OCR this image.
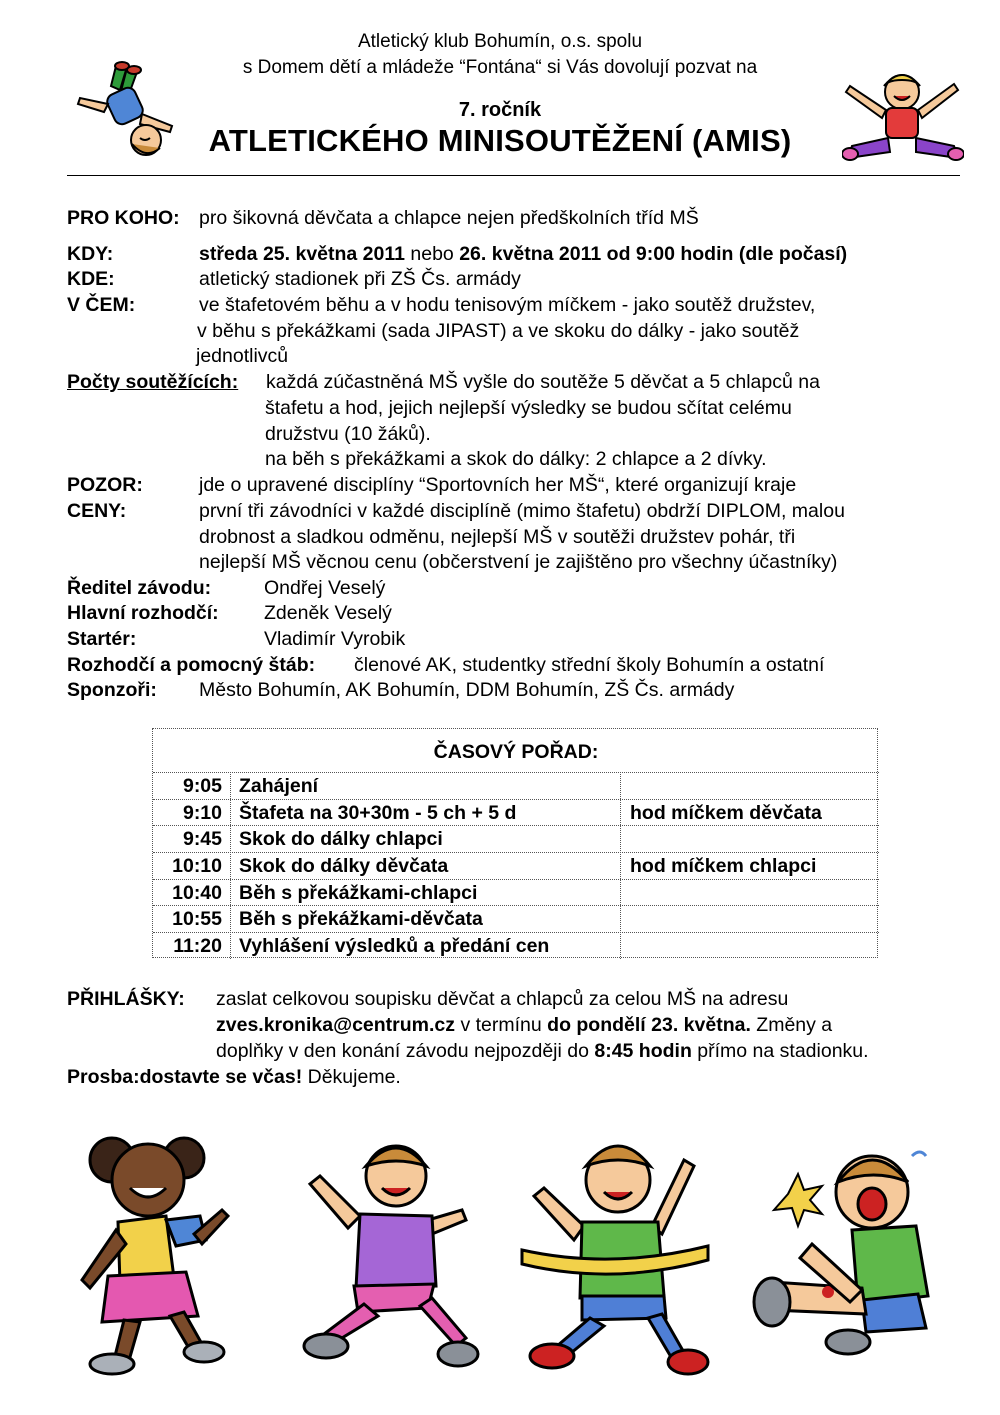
Atletický klub Bohumín, o.s. spolu
s Domem dětí a mládeže “Fontána“ si Vás dovolují pozvat na
7. ročník
ATLETICKÉHO MINISOUTĚŽENÍ (AMIS)
PRO KOHO: pro šikovná děvčata a chlapce nejen předškolních tříd MŠ
KDY:	středa 25. května 2011 nebo 26. května 2011 od 9:00 hodin (dle počasí)
KDE:	atletický stadionek při ZŠ Čs. armády
V ČEM:	ve štafetovém běhu a v hodu tenisovým míčkem - jako soutěž družstev,
v běhu s překážkami (sada JIPAST) a ve skoku do dálky - jako soutěž
jednotlivců
Počty soutěžících: každá zúčastněná MŠ vyšle do soutěže 5 děvčat a 5 chlapců na
štafetu a hod, jejich nejlepší výsledky se budou sčítat celému
družstvu (10 žáků).
na běh s překážkami a skok do dálky: 2 chlapce a 2 dívky.
POZOR:	jde o upravené disciplíny “Sportovních her MŠ“, které organizují kraje
CENY:	první tři závodníci v každé disciplíně (mimo štafetu) obdrží DIPLOM, malou
drobnost a sladkou odměnu, nejlepší MŠ v soutěži družstev pohár, tři
nejlepší MŠ věcnou cenu (občerstvení je zajištěno pro všechny účastníky)
Ředitel závodu:	Ondřej Veselý
Hlavní rozhodčí: Zdeněk Veselý
Startér:	Vladimír Vyrobik
Rozhodčí a pomocný štáb: členové AK, studentky střední školy Bohumín a ostatní
Sponzoři: Město Bohumín, AK Bohumín, DDM Bohumín, ZŠ Čs. armády
ČASOVÝ POŘAD:
9:05 Zahájení
9:10 Štafeta na 30+30m - 5 ch + 5 d	hod míčkem děvčata
9:45 Skok do dálky chlapci
10:10 Skok do dálky děvčata	hod míčkem chlapci
10:40 Běh s překážkami-chlapci
10:55 Běh s překážkami-děvčata
11:20 Vyhlášení výsledků a předání cen
PŘIHLÁŠKY: zaslat celkovou soupisku děvčat a chlapců za celou MŠ na adresu
zves.kronika@centrum.cz v termínu do pondělí 23. května. Změny a
doplňky v den konání závodu nejpozději do 8:45 hodin přímo na stadionku.
Prosba:dostavte se včas! Děkujeme.
